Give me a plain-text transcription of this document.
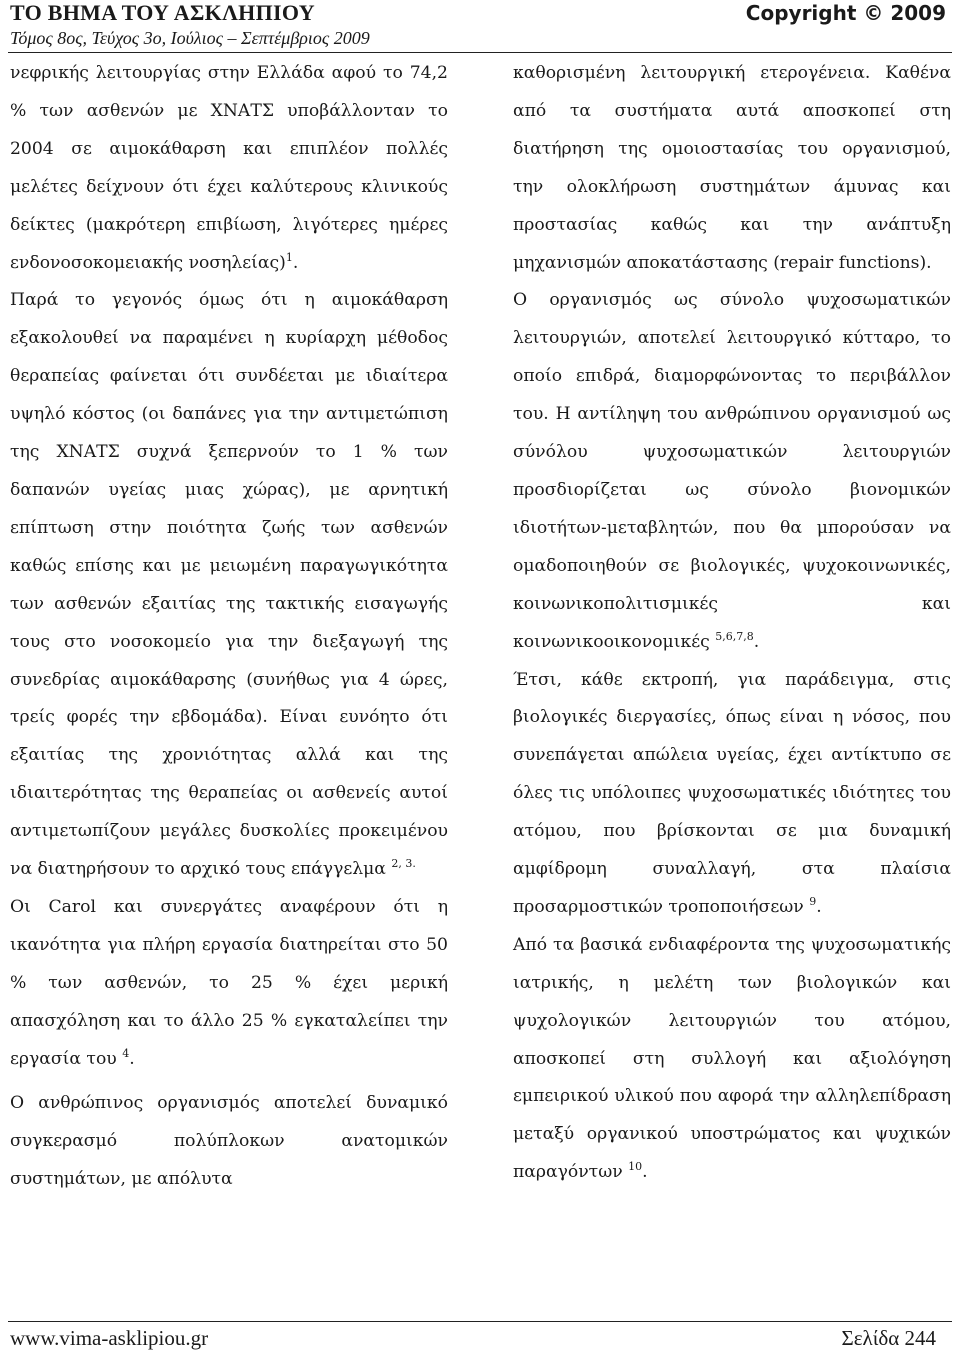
ΤΟ ΒΗΜΑ ΤΟΥ ΑΣΚΛΗΠΙΟΥ	Copyright © 2009
Τόμος 8ος, Τεύχος 3ο, Ιούλιος – Σεπτέμβριος 2009

νεφρικής λειτουργίας στην Ελλάδα αφού το 74,2 % των ασθενών με ΧΝΑΤΣ υποβάλλονταν το 2004 σε αιμοκάθαρση και επιπλέον πολλές μελέτες δείχνουν ότι έχει καλύτερους κλινικούς δείκτες (μακρότερη επιβίωση, λιγότερες ημέρες ενδονοσοκομειακής νοσηλείας)$^1$.

Παρά το γεγονός όμως ότι η αιμοκάθαρση εξακολουθεί να παραμένει η κυρίαρχη μέθοδος θεραπείας φαίνεται ότι συνδέεται με ιδιαίτερα υψηλό κόστος (οι δαπάνες για την αντιμετώπιση της ΧΝΑΤΣ συχνά ξεπερνούν το 1 % των δαπανών υγείας μιας χώρας), με αρνητική επίπτωση στην ποιότητα ζωής των ασθενών καθώς επίσης και με μειωμένη παραγωγικότητα των ασθενών εξαιτίας της τακτικής εισαγωγής τους στο νοσοκομείο για την διεξαγωγή της συνεδρίας αιμοκάθαρσης (συνήθως για 4 ώρες, τρείς φορές την εβδομάδα). Είναι ευνόητο ότι εξαιτίας της χρονιότητας αλλά και της ιδιαιτερότητας της θεραπείας οι ασθενείς αυτοί αντιμετωπίζουν μεγάλες δυσκολίες προκειμένου να διατηρήσουν το αρχικό τους επάγγελμα $^{2, 3.}$

Οι Carol και συνεργάτες αναφέρουν ότι η ικανότητα για πλήρη εργασία διατηρείται στο 50 % των ασθενών, το 25 % έχει μερική απασχόληση και το άλλο 25 % εγκαταλείπει την εργασία του $^4$.

Ο ανθρώπινος οργανισμός αποτελεί δυναμικό συγκερασμό πολύπλοκων ανατομικών συστημάτων, με απόλυτα

καθορισμένη λειτουργική ετερογένεια. Καθένα από τα συστήματα αυτά αποσκοπεί στη διατήρηση της ομοιοστασίας του οργανισμού, την ολοκλήρωση συστημάτων άμυνας και προστασίας καθώς και την ανάπτυξη μηχανισμών αποκατάστασης (repair functions).

Ο οργανισμός ως σύνολο ψυχοσωματικών λειτουργιών, αποτελεί λειτουργικό κύτταρο, το οποίο επιδρά, διαμορφώνοντας το περιβάλλον του. Η αντίληψη του ανθρώπινου οργανισμού ως σύνόλου ψυχοσωματικών λειτουργιών προσδιορίζεται ως σύνολο βιονομικών ιδιοτήτων-μεταβλητών, που θα μπορούσαν να ομαδοποιηθούν σε βιολογικές, ψυχοκοινωνικές, κοινωνικοπολιτισμικές και κοινωνικοοικονομικές $^{5,6,7,8}$.

Έτσι, κάθε εκτροπή, για παράδειγμα, στις βιολογικές διεργασίες, όπως είναι η νόσος, που συνεπάγεται απώλεια υγείας, έχει αντίκτυπο σε όλες τις υπόλοιπες ψυχοσωματικές ιδιότητες του ατόμου, που βρίσκονται σε μια δυναμική αμφίδρομη συναλλαγή, στα πλαίσια προσαρμοστικών τροποποιήσεων $^9$.

Από τα βασικά ενδιαφέροντα της ψυχοσωματικής ιατρικής, η μελέτη των βιολογικών και ψυχολογικών λειτουργιών του ατόμου, αποσκοπεί στη συλλογή και αξιολόγηση εμπειρικού υλικού που αφορά την αλληλεπίδραση μεταξύ οργανικού υποστρώματος και ψυχικών παραγόντων $^{10}$.

www.vima-asklipiou.gr	Σελίδα 244
